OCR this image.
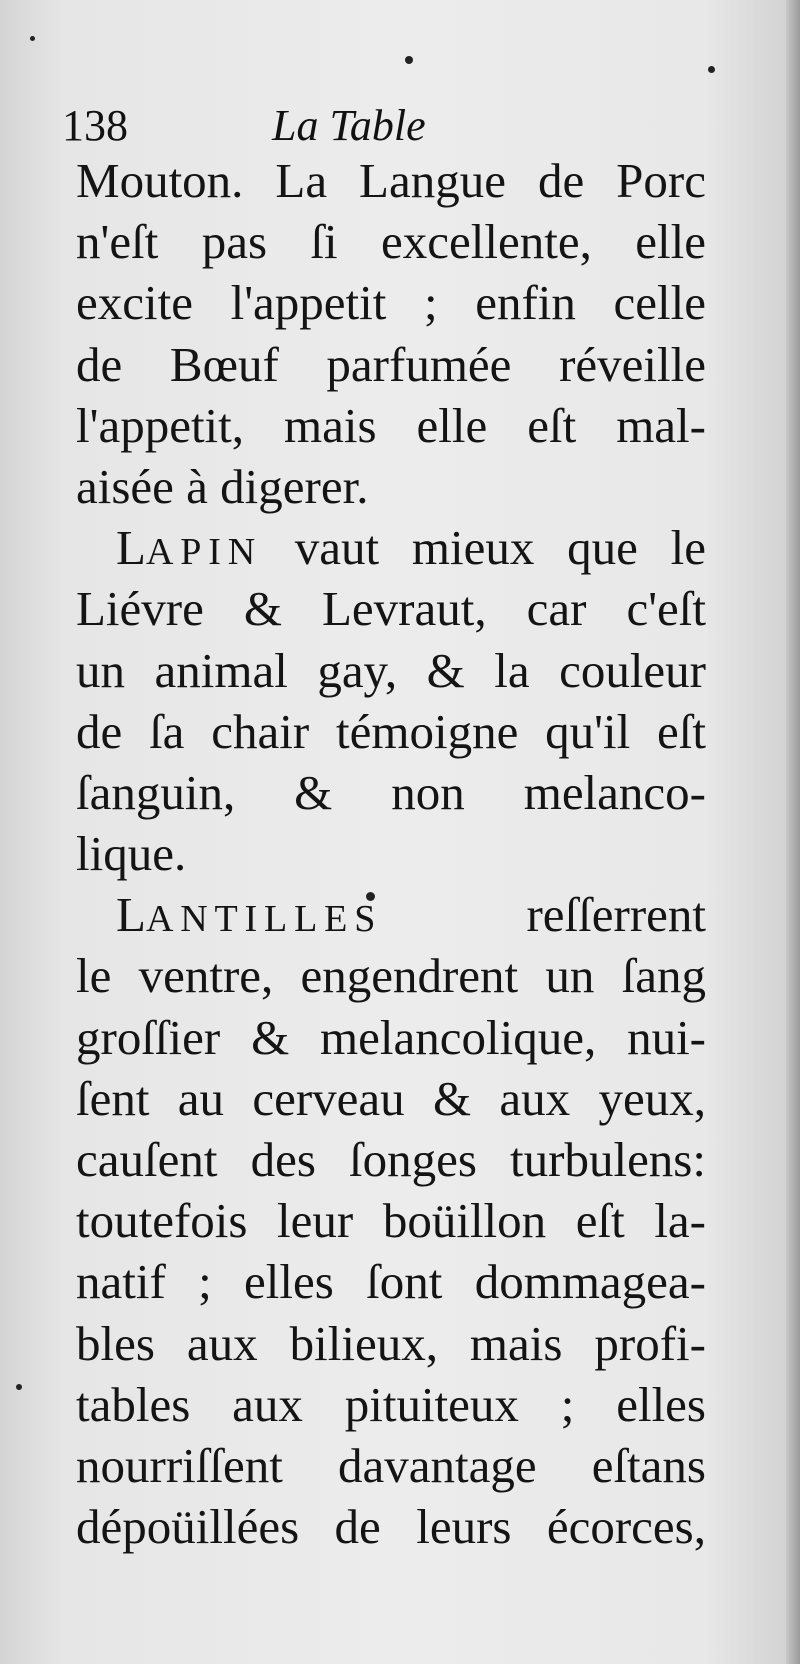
138	La Table
Mouton. La Langue de Porc
n'eſt pas ſi excellente, elle
excite l'appetit ; enfin celle
de Bœuf parfumée réveille
l'appetit, mais elle eſt mal-
aisée à digerer.
LAPIN vaut mieux que le
Liévre & Levraut, car c'eſt
un animal gay, & la couleur
de ſa chair témoigne qu'il eſt
ſanguin, & non melanco-
lique.
LANTILLES reſſerrent
le ventre, engendrent un ſang
groſſier & melancolique, nui-
ſent au cerveau & aux yeux,
cauſent des ſonges turbulens:
toutefois leur boüillon eſt la-
natif ; elles ſont dommagea-
bles aux bilieux, mais profi-
tables aux pituiteux ; elles
nourriſſent davantage eſtans
dépoüillées de leurs écorces,
